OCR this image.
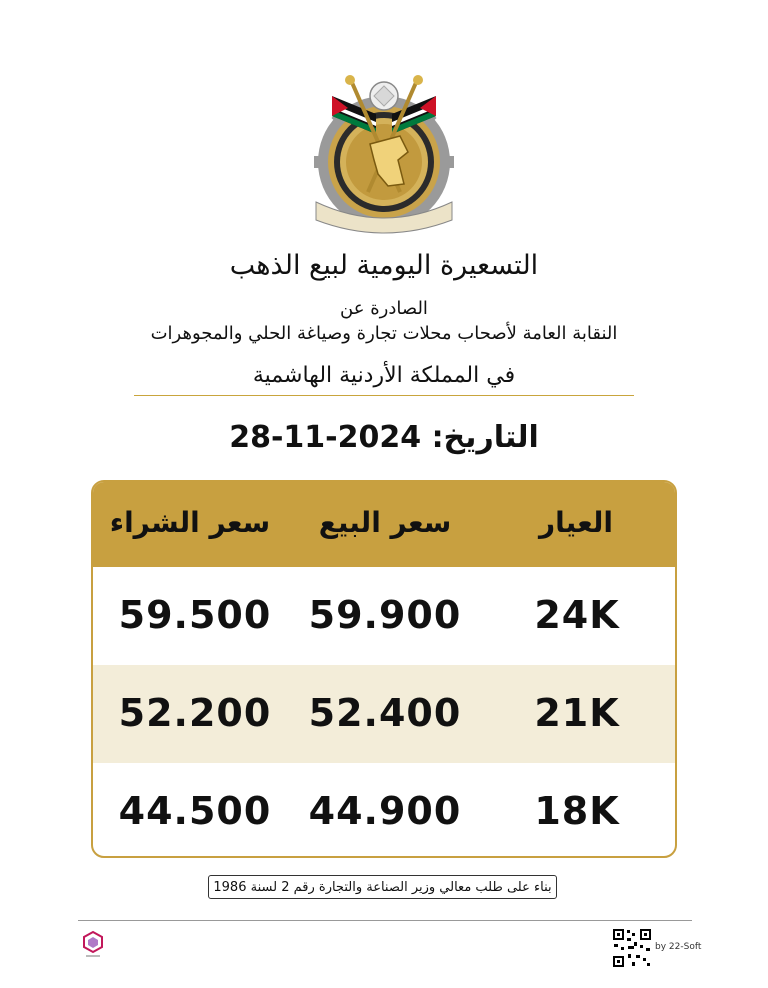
التسعيرة اليومية لبيع الذهب
الصادرة عن
النقابة العامة لأصحاب محلات تجارة وصياغة الحلي والمجوهرات
في المملكة الأردنية الهاشمية
التاريخ: 28-11-2024
العيار
سعر البيع
سعر الشراء
24K
59.900
59.500
21K
52.400
52.200
18K
44.900
44.500
بناء على طلب معالي وزير الصناعة والتجارة رقم 2 لسنة 1986
by 22-Soft
